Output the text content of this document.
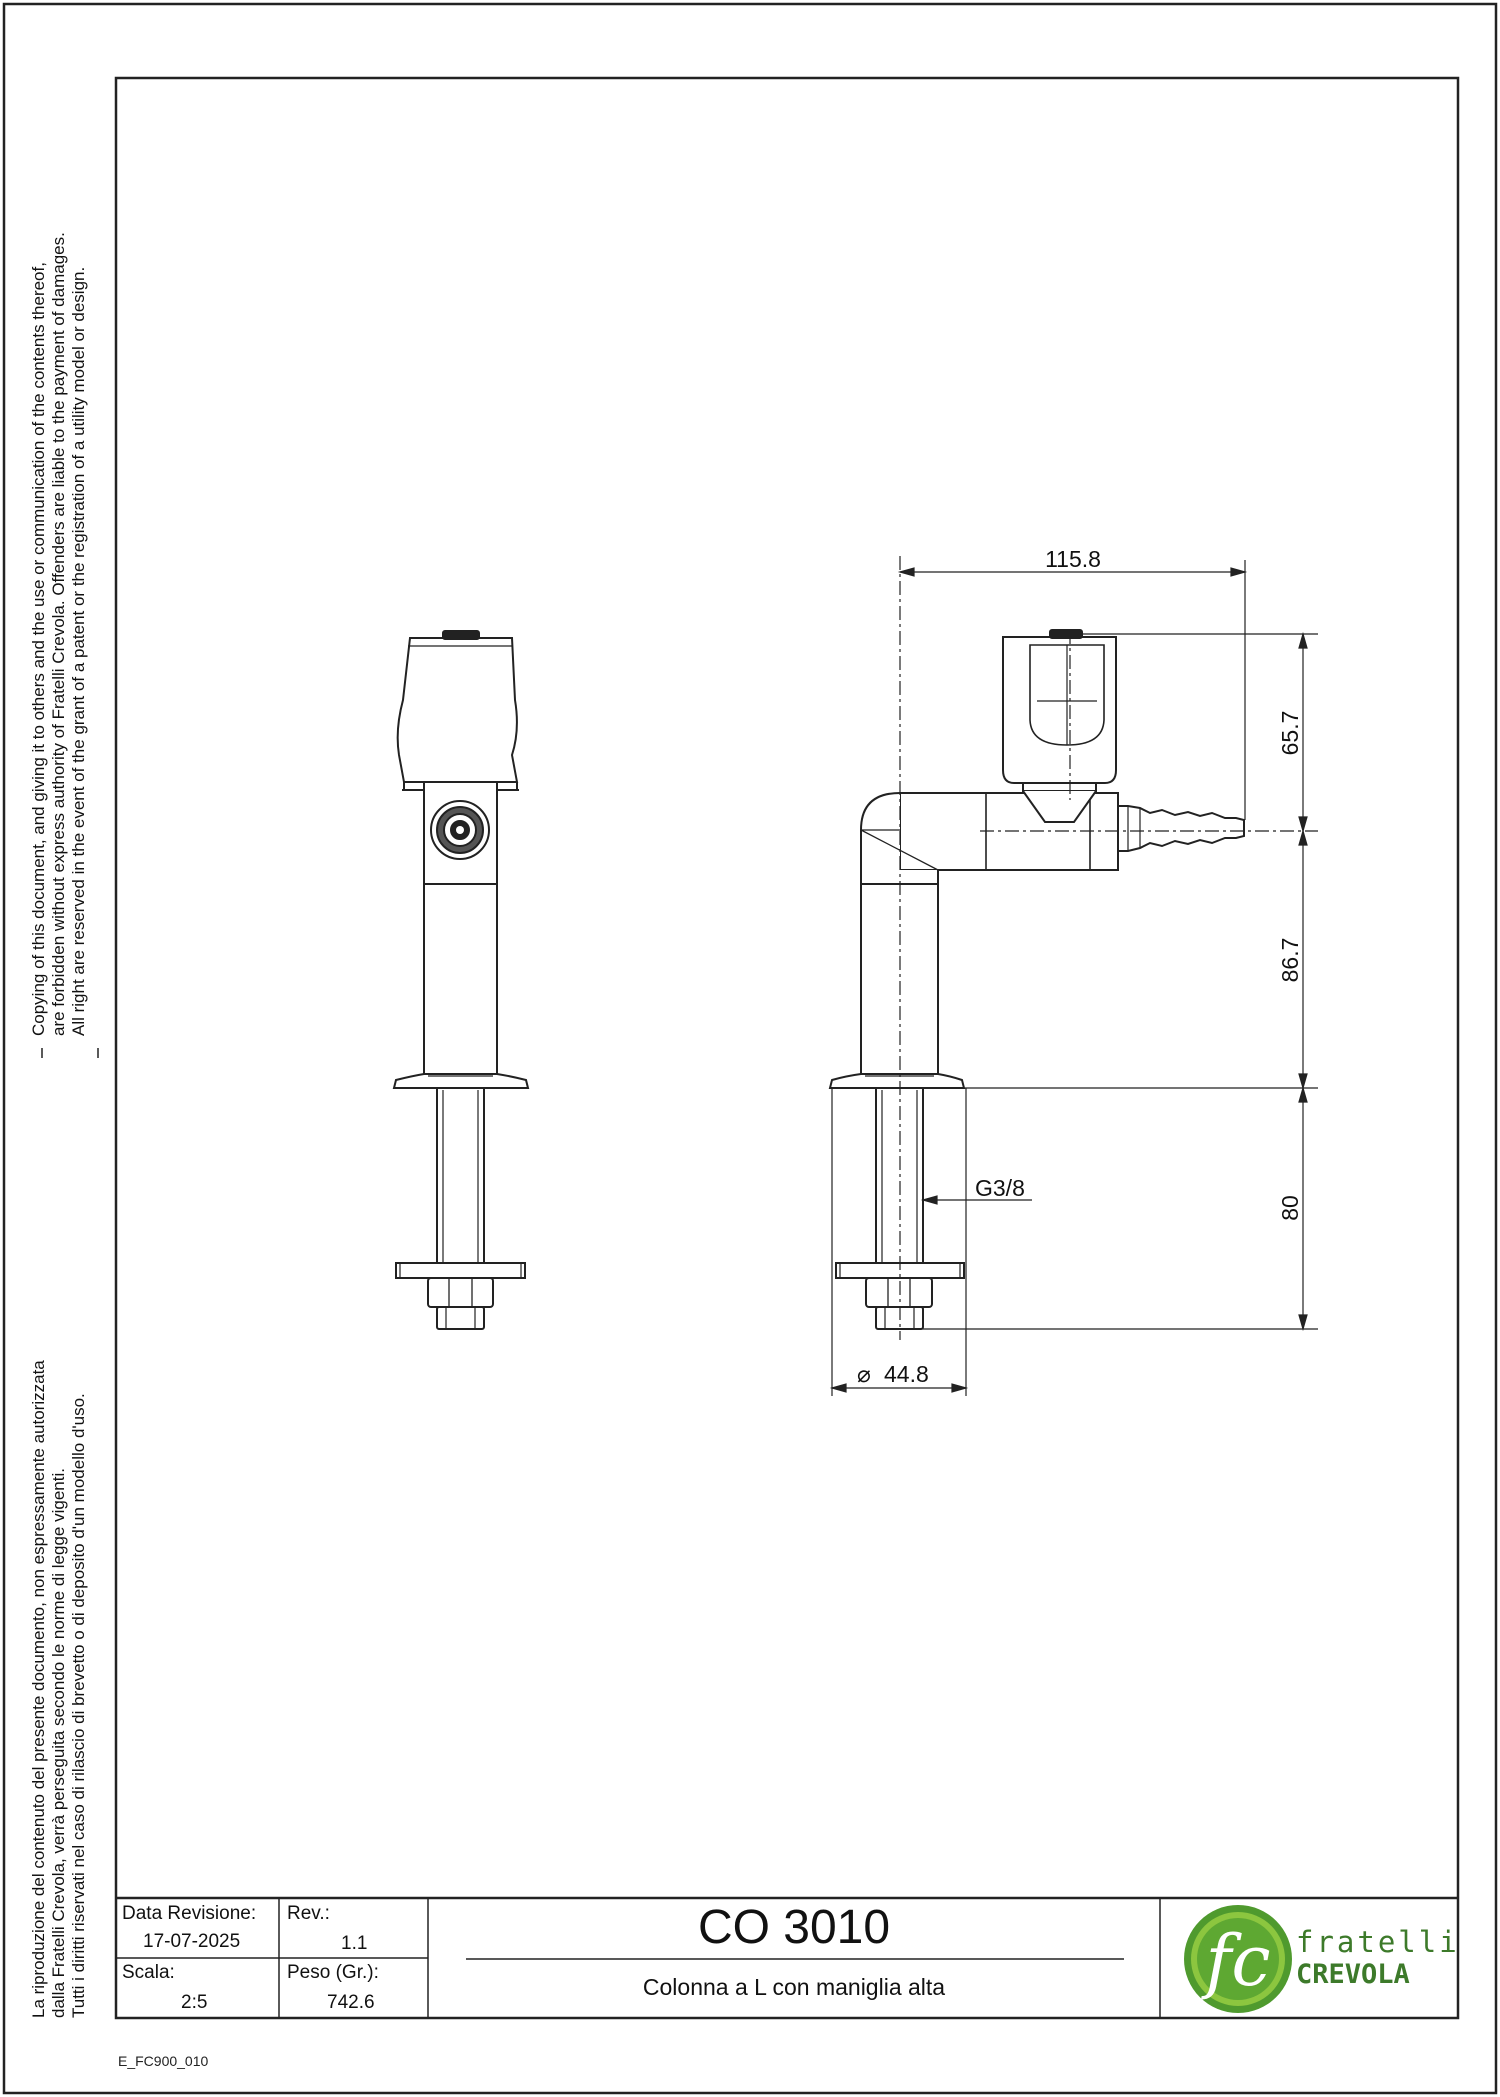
115.8
65.7
86.7
80
G3/8
⌀ 44.8
fc fratelli
CREVOLA
E_FC900_010
Copying of this document, and giving it to others and the use or communication of the contents thereof, are forbidden without express authority of Fratelli Crevola. Offenders are liable to the payment of damages. All right are reserved in the event of the grant of a patent or the registration of a utility model or design.
La riproduzione del contenuto del presente documento, non espressamente autorizzata dalla Fratelli Crevola, verrà perseguita secondo le norme di legge vigenti. Tutti i diritti riservati nel caso di rilascio di brevetto o di deposito d'un modello d'uso. Data Revisione:
17-07-2025
Rev.:
1.1
Scala:
2:5
Peso (Gr.):
742.6
CO 3010
Colonna a L con maniglia alta
